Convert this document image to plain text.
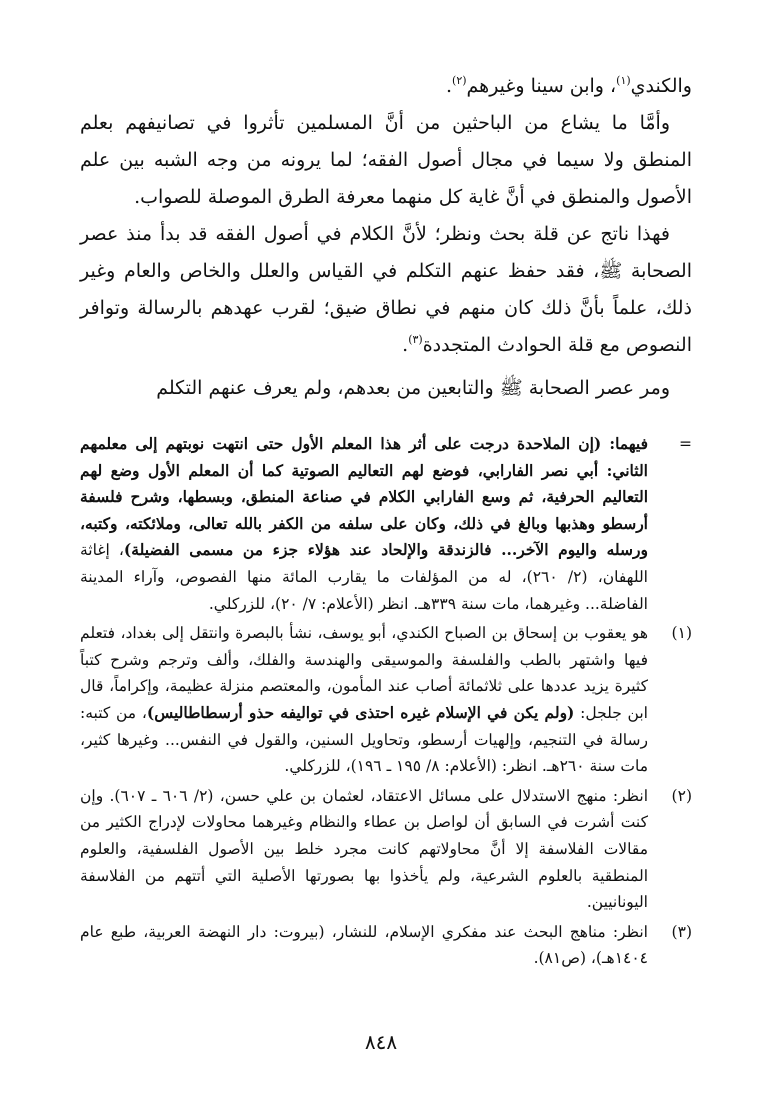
والكندي$^{(١)}$، وابن سينا وغيرهم$^{(٢)}$.

وأمَّا ما يشاع من الباحثين من أنَّ المسلمين تأثروا في تصانيفهم بعلم المنطق ولا سيما في مجال أصول الفقه؛ لما يرونه من وجه الشبه بين علم الأصول والمنطق في أنَّ غاية كل منهما معرفة الطرق الموصلة للصواب.

فهذا ناتج عن قلة بحث ونظر؛ لأنَّ الكلام في أصول الفقه قد بدأ منذ عصر الصحابة ﷺ، فقد حفظ عنهم التكلم في القياس والعلل والخاص والعام وغير ذلك، علماً بأنَّ ذلك كان منهم في نطاق ضيق؛ لقرب عهدهم بالرسالة وتوافر النصوص مع قلة الحوادث المتجددة$^{(٣)}$.

ومر عصر الصحابة ﷺ والتابعين من بعدهم، ولم يعرف عنهم التكلم

=
فيهما: (إن الملاحدة درجت على أثر هذا المعلم الأول حتى انتهت نوبتهم إلى معلمهم الثاني: أبي نصر الفارابي، فوضع لهم التعاليم الصوتية كما أن المعلم الأول وضع لهم التعاليم الحرفية، ثم وسع الفارابي الكلام في صناعة المنطق، وبسطها، وشرح فلسفة أرسطو وهذبها وبالغ في ذلك، وكان على سلفه من الكفر بالله تعالى، وملائكته، وكتبه، ورسله واليوم الآخر... فالزندقة والإلحاد عند هؤلاء جزء من مسمى الفضيلة)، إغاثة اللهفان، (٢/ ٢٦٠)، له من المؤلفات ما يقارب المائة منها الفصوص، وآراء المدينة الفاضلة... وغيرهما، مات سنة ٣٣٩هـ. انظر (الأعلام: ٧/ ٢٠)، للزركلي.
(١)
هو يعقوب بن إسحاق بن الصباح الكندي، أبو يوسف، نشأ بالبصرة وانتقل إلى بغداد، فتعلم فيها واشتهر بالطب والفلسفة والموسيقى والهندسة والفلك، وألف وترجم وشرح كتباً كثيرة يزيد عددها على ثلاثمائة أصاب عند المأمون، والمعتصم منزلة عظيمة، وإكراماً، قال ابن جلجل: (ولم يكن في الإسلام غيره احتذى في تواليفه حذو أرسطاطاليس)، من كتبه: رسالة في التنجيم، وإلهيات أرسطو، وتحاويل السنين، والقول في النفس... وغيرها كثير، مات سنة ٢٦٠هـ. انظر: (الأعلام: ٨/ ١٩٥ ـ ١٩٦)، للزركلي.
(٢)
انظر: منهج الاستدلال على مسائل الاعتقاد، لعثمان بن علي حسن، (٢/ ٦٠٦ ـ ٦٠٧). وإن كنت أشرت في السابق أن لواصل بن عطاء والنظام وغيرهما محاولات لإدراج الكثير من مقالات الفلاسفة إلا أنَّ محاولاتهم كانت مجرد خلط بين الأصول الفلسفية، والعلوم المنطقية بالعلوم الشرعية، ولم يأخذوا بها بصورتها الأصلية التي أتتهم من الفلاسفة اليونانيين.
(٣)
انظر: مناهج البحث عند مفكري الإسلام، للنشار، (بيروت: دار النهضة العربية، طبع عام ١٤٠٤هـ)، (ص٨١).
٨٤٨
